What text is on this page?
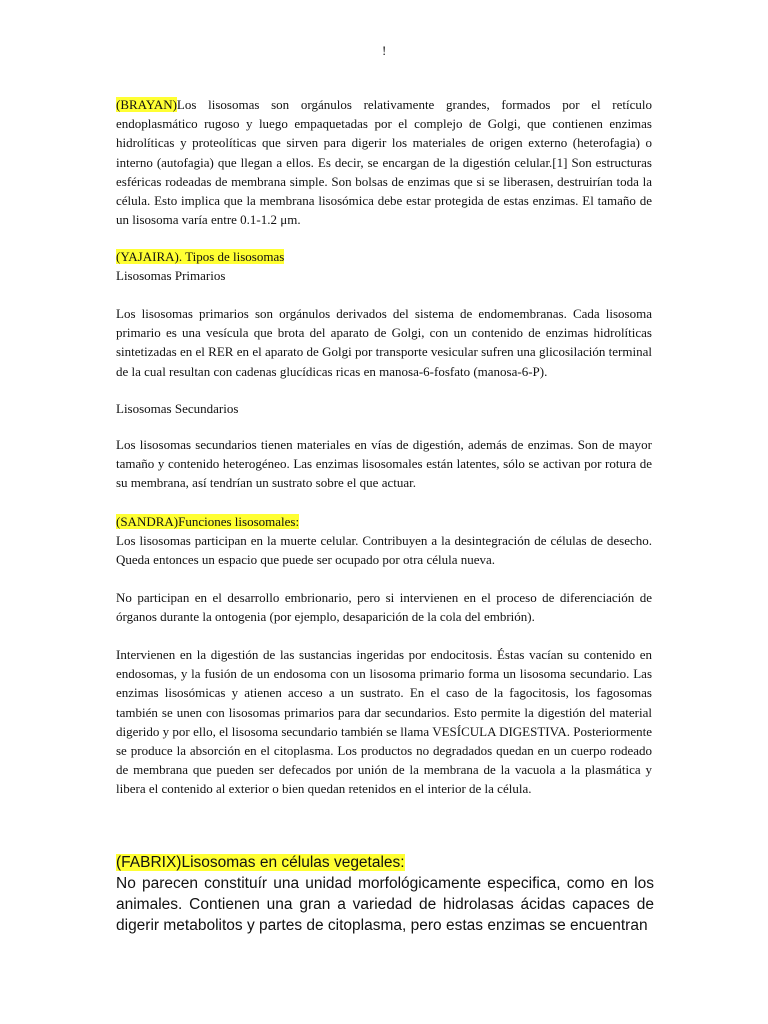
!

(BRAYAN)Los lisosomas son orgánulos relativamente grandes, formados por el retículo endoplasmático rugoso y luego empaquetadas por el complejo de Golgi, que contienen enzimas hidrolíticas y proteolíticas que sirven para digerir los materiales de origen externo (heterofagia) o interno (autofagia) que llegan a ellos. Es decir, se encargan de la digestión celular.[1] Son estructuras esféricas rodeadas de membrana simple. Son bolsas de enzimas que si se liberasen, destruirían toda la célula. Esto implica que la membrana lisosómica debe estar protegida de estas enzimas. El tamaño de un lisosoma varía entre 0.1-1.2 μm.

(YAJAIRA). Tipos de lisosomas

Lisosomas Primarios

Los lisosomas primarios son orgánulos derivados del sistema de endomembranas. Cada lisosoma primario es una vesícula que brota del aparato de Golgi, con un contenido de enzimas hidrolíticas sintetizadas en el RER en el aparato de Golgi por transporte vesicular sufren una glicosilación terminal de la cual resultan con cadenas glucídicas ricas en manosa-6-fosfato (manosa-6-P).
Lisosomas Secundarios
Los lisosomas secundarios tienen materiales en vías de digestión, además de enzimas. Son de mayor tamaño y contenido heterogéneo. Las enzimas lisosomales están latentes, sólo se activan por rotura de su membrana, así tendrían un sustrato sobre el que actuar.

(SANDRA)Funciones lisosomales:

Los lisosomas participan en la muerte celular. Contribuyen a la desintegración de células de desecho. Queda entonces un espacio que puede ser ocupado por otra célula nueva.

No participan en el desarrollo embrionario, pero si intervienen en el proceso de diferenciación de órganos durante la ontogenia (por ejemplo, desaparición de la cola del embrión).
Intervienen en la digestión de las sustancias ingeridas por endocitosis. Éstas vacían su contenido en endosomas, y la fusión de un endosoma con un lisosoma primario forma un lisosoma secundario. Las enzimas lisosómicas y atienen acceso a un sustrato. En el caso de la fagocitosis, los fagosomas también se unen con lisosomas primarios para dar secundarios. Esto permite la digestión del material digerido y por ello, el lisosoma secundario también se llama VESÍCULA DIGESTIVA. Posteriormente se produce la absorción en el citoplasma. Los productos no degradados quedan en un cuerpo rodeado de membrana que pueden ser defecados por unión de la membrana de la vacuola a la plasmática y libera el contenido al exterior o bien quedan retenidos en el interior de la célula.

(FABRIX)Lisosomas en células vegetales:

No parecen constituír una unidad morfológicamente especifica, como en los animales. Contienen una gran a variedad de hidrolasas ácidas capaces de digerir metabolitos y partes de citoplasma, pero estas enzimas se encuentran
